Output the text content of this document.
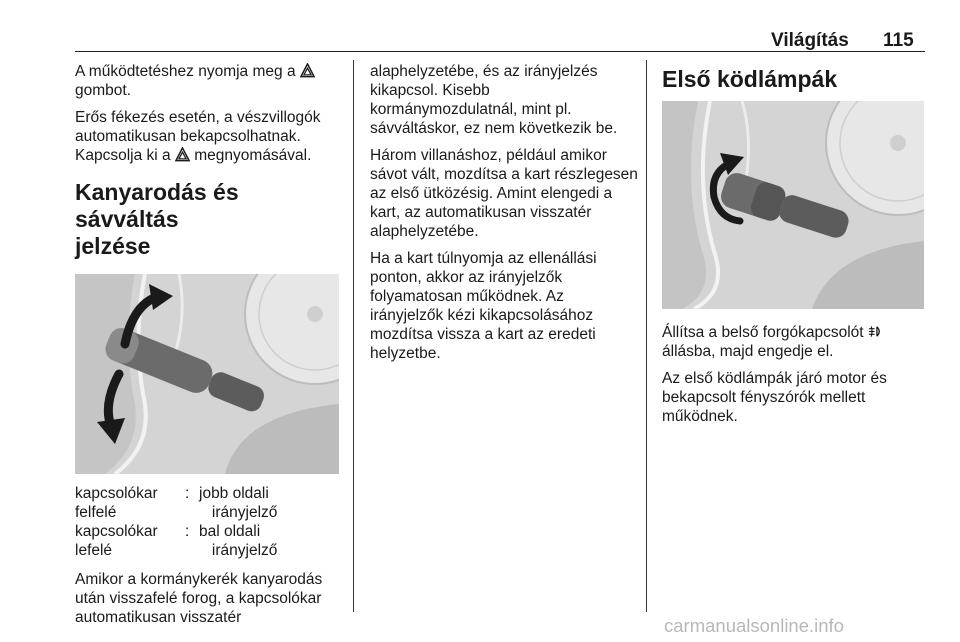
Világítás 115

A működtetéshez nyomja meg a
gombot.

Erős fékezés esetén, a vészvillogók automatikusan bekapcsolhatnak. Kapcsolja ki a  megnyomásával.

Kanyarodás és sávváltás
jelzése
kapcsolókar
felfelé	:	jobb oldali
irányjelző
kapcsolókar
lefelé	:	bal oldali
irányjelző

Amikor a kormánykerék kanyarodás után visszafelé forog, a kapcsolókar automatikusan visszatér

alaphelyzetébe, és az irányjelzés kikapcsol. Kisebb kormánymozdulatnál, mint pl. sávváltáskor, ez nem következik be.

Három villanáshoz, például amikor sávot vált, mozdítsa a kart részlegesen az első ütközésig. Amint elengedi a kart, az automatikusan visszatér alaphelyzetébe.

Ha a kart túlnyomja az ellenállási ponton, akkor az irányjelzők folyamatosan működnek. Az irányjelzők kézi kikapcsolásához mozdítsa vissza a kart az eredeti helyzetbe.

Első ködlámpák

Állítsa a belső forgókapcsolót
állásba, majd engedje el.

Az első ködlámpák járó motor és bekapcsolt fényszórók mellett működnek.

carmanualsonline.info
